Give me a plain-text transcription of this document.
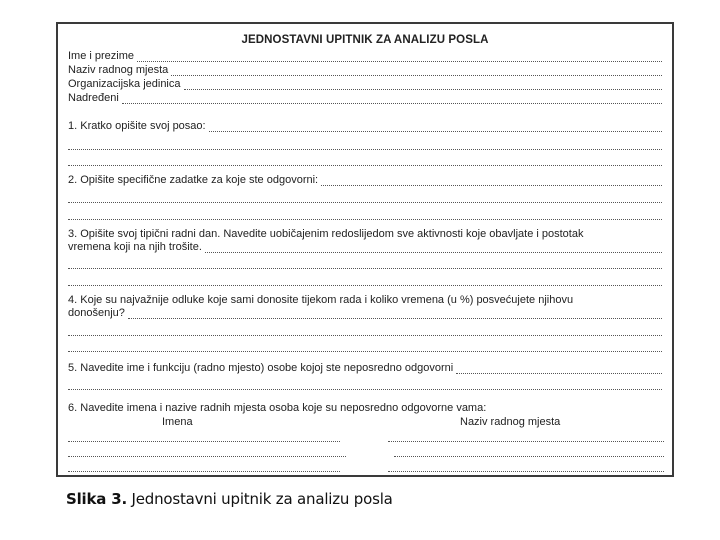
JEDNOSTAVNI UPITNIK ZA ANALIZU POSLA
Ime i prezime
Naziv radnog mjesta
Organizacijska jedinica
Nadređeni
1. Kratko opišite svoj posao:
2. Opišite specifične zadatke za koje ste odgovorni:
3. Opišite svoj tipični radni dan. Navedite uobičajenim redoslijedom sve aktivnosti koje obavljate i postotak
vremena koji na njih trošite.
4. Koje su najvažnije odluke koje sami donosite tijekom rada i koliko vremena (u %) posvećujete njihovu
donošenju?
5. Navedite ime i funkciju (radno mjesto) osobe kojoj ste neposredno odgovorni
6. Navedite imena i nazive radnih mjesta osoba koje su neposredno odgovorne vama:
Imena	Naziv radnog mjesta
Slika 3. Jednostavni upitnik za analizu posla
